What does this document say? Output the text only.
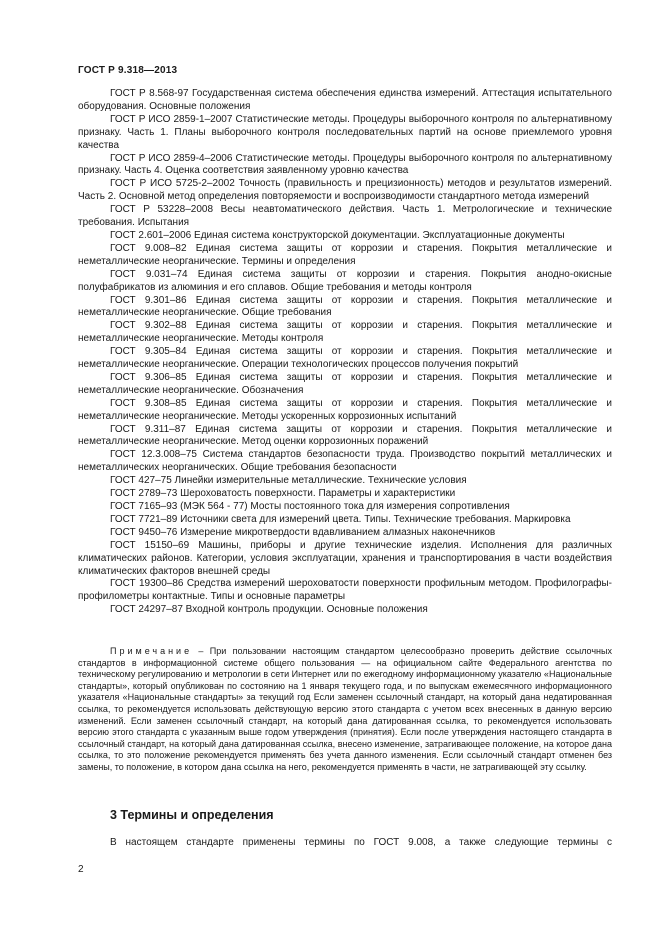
ГОСТ Р 9.318—2013

ГОСТ Р 8.568-97 Государственная система обеспечения единства измерений. Аттестация испытательного оборудования. Основные положения

ГОСТ Р ИСО 2859-1–2007 Статистические методы. Процедуры выборочного контроля по альтернативному признаку. Часть 1. Планы выборочного контроля последовательных партий на основе приемлемого уровня качества

ГОСТ Р ИСО 2859-4–2006 Статистические методы. Процедуры выборочного контроля по альтернативному признаку. Часть 4. Оценка соответствия заявленному уровню качества

ГОСТ Р ИСО 5725-2–2002 Точность (правильность и прецизионность) методов и результатов измерений. Часть 2. Основной метод определения повторяемости и воспроизводимости стандартного метода измерений

ГОСТ Р 53228–2008 Весы неавтоматического действия. Часть 1. Метрологические и технические требования. Испытания

ГОСТ 2.601–2006 Единая система конструкторской документации. Эксплуатационные документы

ГОСТ 9.008–82 Единая система защиты от коррозии и старения. Покрытия металлические и неметаллические неорганические. Термины и определения

ГОСТ 9.031–74 Единая система защиты от коррозии и старения. Покрытия анодно-окисные полуфабрикатов из алюминия и его сплавов. Общие требования и методы контроля

ГОСТ 9.301–86 Единая система защиты от коррозии и старения. Покрытия металлические и неметаллические неорганические. Общие требования

ГОСТ 9.302–88 Единая система защиты от коррозии и старения. Покрытия металлические и неметаллические неорганические. Методы контроля

ГОСТ 9.305–84 Единая система защиты от коррозии и старения. Покрытия металлические и неметаллические неорганические. Операции технологических процессов получения покрытий

ГОСТ 9.306–85 Единая система защиты от коррозии и старения. Покрытия металлические и неметаллические неорганические. Обозначения

ГОСТ 9.308–85 Единая система защиты от коррозии и старения. Покрытия металлические и неметаллические неорганические. Методы ускоренных коррозионных испытаний

ГОСТ 9.311–87 Единая система защиты от коррозии и старения. Покрытия металлические и неметаллические неорганические. Метод оценки коррозионных поражений

ГОСТ 12.3.008–75 Система стандартов безопасности труда. Производство покрытий металлических и неметаллических неорганических. Общие требования безопасности

ГОСТ 427–75 Линейки измерительные металлические. Технические условия

ГОСТ 2789–73 Шероховатость поверхности. Параметры и характеристики

ГОСТ 7165–93 (МЭК 564 - 77) Мосты постоянного тока для измерения сопротивления

ГОСТ 7721–89 Источники света для измерений цвета. Типы. Технические требования. Маркировка

ГОСТ 9450–76 Измерение микротвердости вдавливанием алмазных наконечников

ГОСТ 15150–69 Машины, приборы и другие технические изделия. Исполнения для различных климатических районов. Категории, условия эксплуатации, хранения и транспортирования в части воздействия климатических факторов внешней среды

ГОСТ 19300–86 Средства измерений шероховатости поверхности профильным методом. Профилографы-профилометры контактные. Типы и основные параметры

ГОСТ 24297–87 Входной контроль продукции. Основные положения

Примечание – При пользовании настоящим стандартом целесообразно проверить действие ссылочных стандартов в информационной системе общего пользования — на официальном сайте Федерального агентства по техническому регулированию и метрологии в сети Интернет или по ежегодному информационному указателю «Национальные стандарты», который опубликован по состоянию на 1 января текущего года, и по выпускам ежемесячного информационного указателя «Национальные стандарты» за текущий год Если заменен ссылочный стандарт, на который дана недатированная ссылка, то рекомендуется использовать действующую версию этого стандарта с учетом всех внесенных в данную версию изменений. Если заменен ссылочный стандарт, на который дана датированная ссылка, то рекомендуется использовать версию этого стандарта с указанным выше годом утверждения (принятия). Если после утверждения настоящего стандарта в ссылочный стандарт, на который дана датированная ссылка, внесено изменение, затрагивающее положение, на которое дана ссылка, то это положение рекомендуется применять без учета данного изменения. Если ссылочный стандарт отменен без замены, то положение, в котором дана ссылка на него, рекомендуется применять в части, не затрагивающей эту ссылку.

3 Термины и определения

В настоящем стандарте применены термины по ГОСТ 9.008, а также следующие термины с

2
